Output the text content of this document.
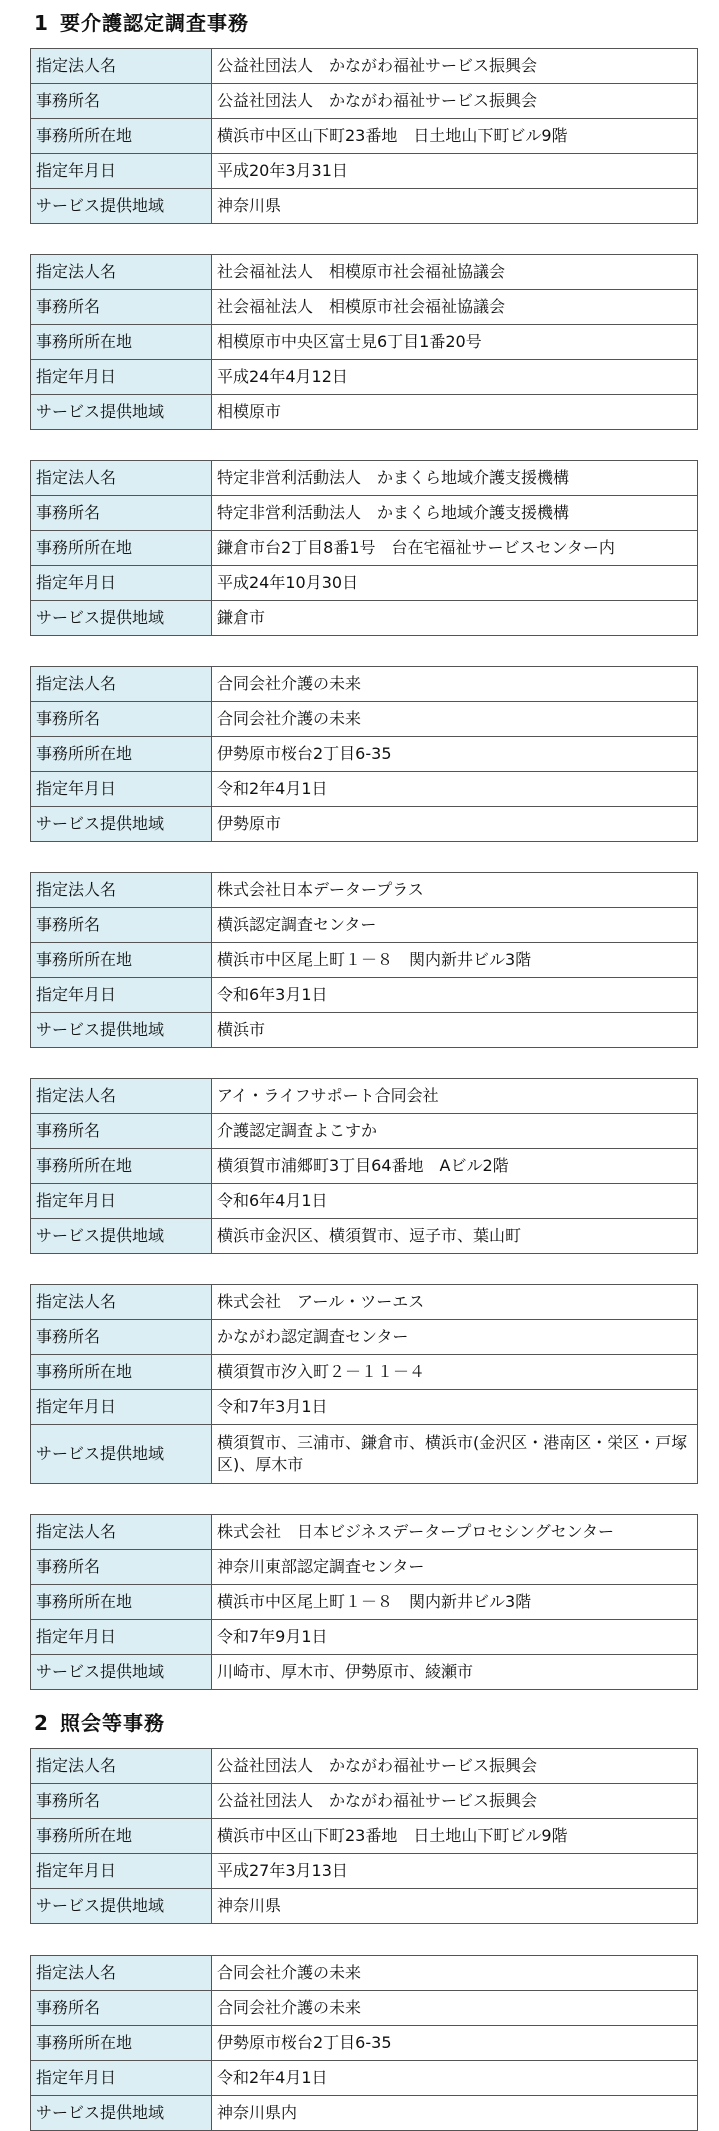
1 要介護認定調査事務
指定法人名	公益社団法人　かながわ福祉サービス振興会
事務所名	公益社団法人　かながわ福祉サービス振興会
事務所所在地	横浜市中区山下町23番地　日土地山下町ビル9階
指定年月日	平成20年3月31日
サービス提供地域	神奈川県
指定法人名	社会福祉法人　相模原市社会福祉協議会
事務所名	社会福祉法人　相模原市社会福祉協議会
事務所所在地	相模原市中央区富士見6丁目1番20号
指定年月日	平成24年4月12日
サービス提供地域	相模原市
指定法人名	特定非営利活動法人　かまくら地域介護支援機構
事務所名	特定非営利活動法人　かまくら地域介護支援機構
事務所所在地	鎌倉市台2丁目8番1号　台在宅福祉サービスセンター内
指定年月日	平成24年10月30日
サービス提供地域	鎌倉市
指定法人名	合同会社介護の未来
事務所名	合同会社介護の未来
事務所所在地	伊勢原市桜台2丁目6-35
指定年月日	令和2年4月1日
サービス提供地域	伊勢原市
指定法人名	株式会社日本データープラス
事務所名	横浜認定調査センター
事務所所在地	横浜市中区尾上町１－８　関内新井ビル3階
指定年月日	令和6年3月1日
サービス提供地域	横浜市
指定法人名	アイ・ライフサポート合同会社
事務所名	介護認定調査よこすか
事務所所在地	横須賀市浦郷町3丁目64番地　Aビル2階
指定年月日	令和6年4月1日
サービス提供地域	横浜市金沢区、横須賀市、逗子市、葉山町
指定法人名	株式会社　アール・ツーエス
事務所名	かながわ認定調査センター
事務所所在地	横須賀市汐入町２－１１－４
指定年月日	令和7年3月1日
サービス提供地域	横須賀市、三浦市、鎌倉市、横浜市(金沢区・港南区・栄区・戸塚区)、厚木市
指定法人名	株式会社　日本ビジネスデータープロセシングセンター
事務所名	神奈川東部認定調査センター
事務所所在地	横浜市中区尾上町１－８　関内新井ビル3階
指定年月日	令和7年9月1日
サービス提供地域	川崎市、厚木市、伊勢原市、綾瀬市
2 照会等事務
指定法人名	公益社団法人　かながわ福祉サービス振興会
事務所名	公益社団法人　かながわ福祉サービス振興会
事務所所在地	横浜市中区山下町23番地　日土地山下町ビル9階
指定年月日	平成27年3月13日
サービス提供地域	神奈川県
指定法人名	合同会社介護の未来
事務所名	合同会社介護の未来
事務所所在地	伊勢原市桜台2丁目6-35
指定年月日	令和2年4月1日
サービス提供地域	神奈川県内
